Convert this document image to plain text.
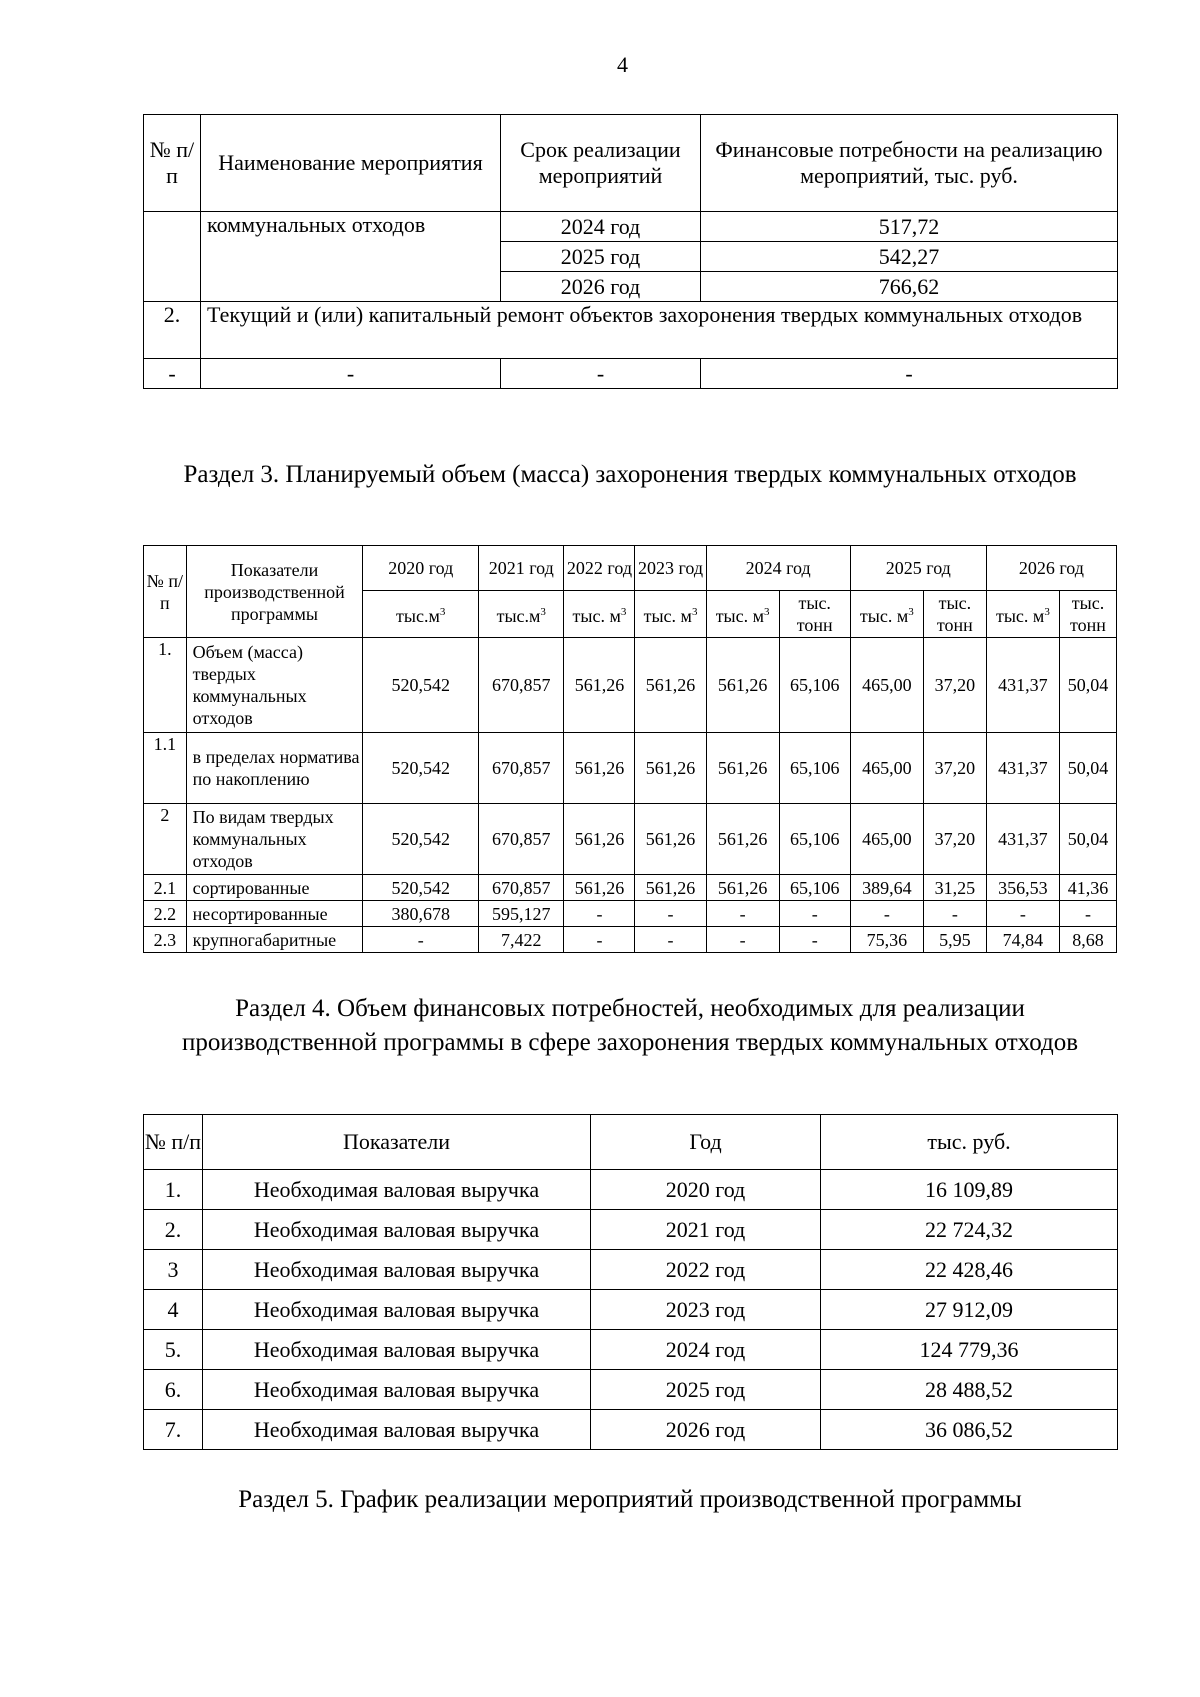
4
№ п/п	Наименование мероприятия	Срок реализации мероприятий	Финансовые потребности на реализацию мероприятий, тыс. руб.
	коммунальных отходов	2024 год	517,72
		2025 год	542,27
		2026 год	766,62
2.	Текущий и (или) капитальный ремонт объектов захоронения твердых коммунальных отходов		
-	-	-	-
Раздел 3. Планируемый объем (масса) захоронения твердых коммунальных отходов
№ п/п	Показатели производственной программы	2020 год	2021 год	2022 год	2023 год	2024 год		2025 год		2026 год	
		$тыс.м^3$	$тыс.м^3$	тыс. $м^3$	тыс. $м^3$	тыс. $м^3$	тыс. тонн	тыс. $м^3$	тыс. тонн	тыс. $м^3$	тыс. тонн
1.	Объем (масса) твердых коммунальных отходов	520,542	670,857	561,26	561,26	561,26	65,106	465,00	37,20	431,37	50,04
1.1	в пределах норматива по накоплению	520,542	670,857	561,26	561,26	561,26	65,106	465,00	37,20	431,37	50,04
2	По видам твердых коммунальных отходов	520,542	670,857	561,26	561,26	561,26	65,106	465,00	37,20	431,37	50,04
2.1	сортированные	520,542	670,857	561,26	561,26	561,26	65,106	389,64	31,25	356,53	41,36
2.2	несортированные	380,678	595,127	-	-	-	-	-	-	-	-
2.3	крупногабаритные	-	7,422	-	-	-	-	75,36	5,95	74,84	8,68
Раздел 4. Объем финансовых потребностей, необходимых для реализации производственной программы в сфере захоронения твердых коммунальных отходов
№ п/п	Показатели	Год	тыс. руб.
1.	Необходимая валовая выручка	2020 год	16 109,89
2.	Необходимая валовая выручка	2021 год	22 724,32
3	Необходимая валовая выручка	2022 год	22 428,46
4	Необходимая валовая выручка	2023 год	27 912,09
5.	Необходимая валовая выручка	2024 год	124 779,36
6.	Необходимая валовая выручка	2025 год	28 488,52
7.	Необходимая валовая выручка	2026 год	36 086,52
Раздел 5. График реализации мероприятий производственной программы
